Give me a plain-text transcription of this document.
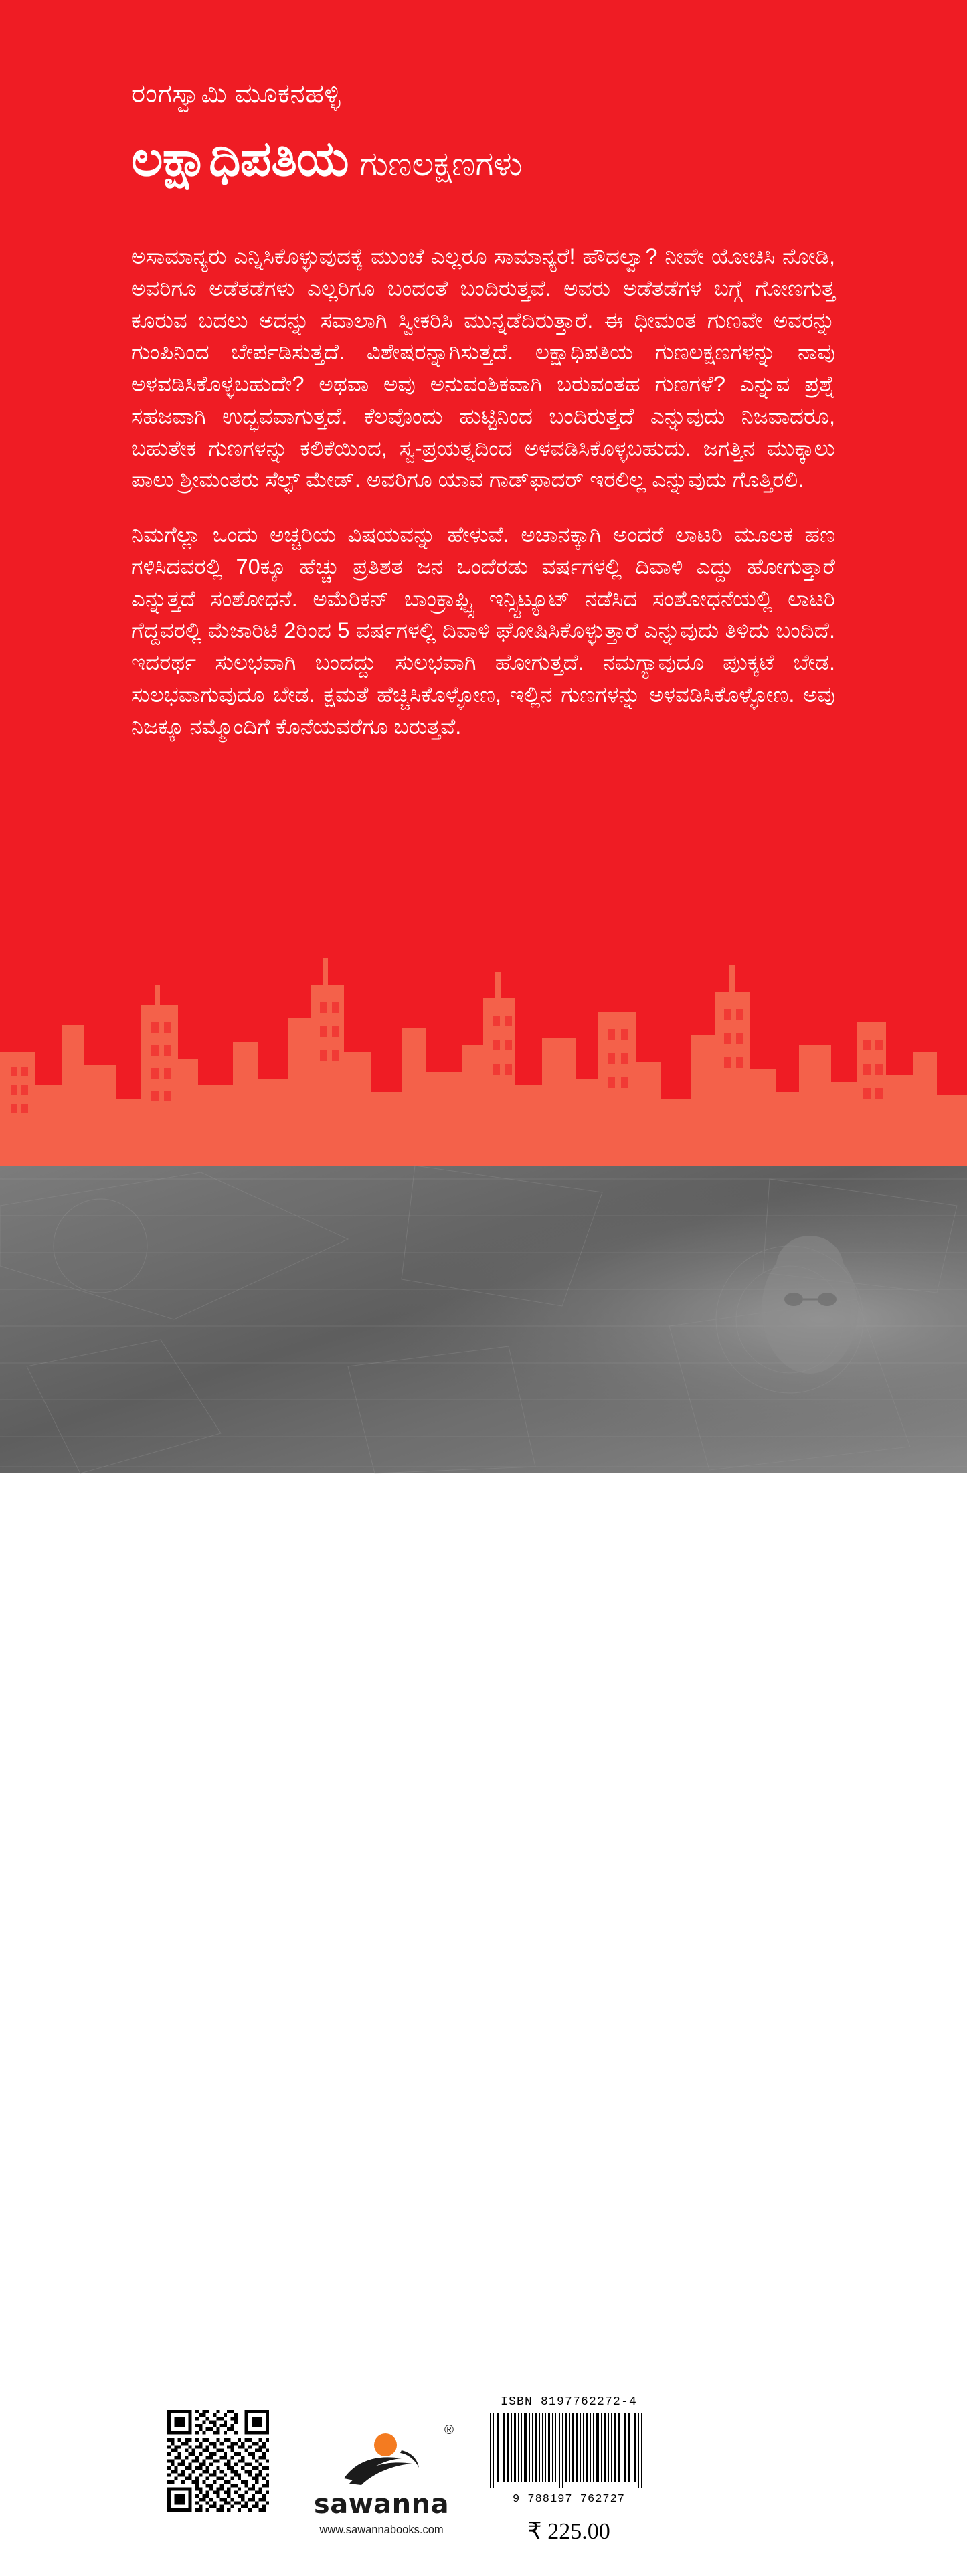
ರಂಗಸ್ವಾಮಿ ಮೂಕನಹಳ್ಳಿ
ಲಕ್ಷಾಧಿಪತಿಯ ಗುಣಲಕ್ಷಣಗಳು

ಅಸಾಮಾನ್ಯರು ಎನ್ನಿಸಿಕೊಳ್ಳುವುದಕ್ಕೆ ಮುಂಚೆ ಎಲ್ಲರೂ ಸಾಮಾನ್ಯರೆ! ಹೌದಲ್ವಾ? ನೀವೇ ಯೋಚಿಸಿ ನೋಡಿ, ಅವರಿಗೂ ಅಡೆತಡೆಗಳು ಎಲ್ಲರಿಗೂ ಬಂದಂತೆ ಬಂದಿರುತ್ತವೆ. ಅವರು ಅಡೆತಡೆಗಳ ಬಗ್ಗೆ ಗೋಣಗುತ್ತ ಕೂರುವ ಬದಲು ಅದನ್ನು ಸವಾಲಾಗಿ ಸ್ವೀಕರಿಸಿ ಮುನ್ನಡೆದಿರುತ್ತಾರೆ. ಈ ಧೀಮಂತ ಗುಣವೇ ಅವರನ್ನು ಗುಂಪಿನಿಂದ ಬೇರ್ಪಡಿಸುತ್ತದೆ. ವಿಶೇಷರನ್ನಾಗಿಸುತ್ತದೆ. ಲಕ್ಷಾಧಿಪತಿಯ ಗುಣಲಕ್ಷಣಗಳನ್ನು ನಾವು ಅಳವಡಿಸಿಕೊಳ್ಳಬಹುದೇ? ಅಥವಾ ಅವು ಅನುವಂಶಿಕವಾಗಿ ಬರುವಂತಹ ಗುಣಗಳೆ? ಎನ್ನುವ ಪ್ರಶ್ನೆ ಸಹಜವಾಗಿ ಉದ್ಭವವಾಗುತ್ತದೆ. ಕೆಲವೊಂದು ಹುಟ್ಟಿನಿಂದ ಬಂದಿರುತ್ತದೆ ಎನ್ನುವುದು ನಿಜವಾದರೂ, ಬಹುತೇಕ ಗುಣಗಳನ್ನು ಕಲಿಕೆಯಿಂದ, ಸ್ವ-ಪ್ರಯತ್ನದಿಂದ ಅಳವಡಿಸಿಕೊಳ್ಳಬಹುದು. ಜಗತ್ತಿನ ಮುಕ್ಕಾಲು ಪಾಲು ಶ್ರೀಮಂತರು ಸೆಲ್ಫ್ ಮೇಡ್. ಅವರಿಗೂ ಯಾವ ಗಾಡ್‌ಫಾದರ್ ಇರಲಿಲ್ಲ ಎನ್ನುವುದು ಗೊತ್ತಿರಲಿ.

ನಿಮಗೆಲ್ಲಾ ಒಂದು ಅಚ್ಚರಿಯ ವಿಷಯವನ್ನು ಹೇಳುವೆ. ಅಚಾನಕ್ಕಾಗಿ ಅಂದರೆ ಲಾಟರಿ ಮೂಲಕ ಹಣ ಗಳಿಸಿದವರಲ್ಲಿ 70ಕ್ಕೂ ಹೆಚ್ಚು ಪ್ರತಿಶತ ಜನ ಒಂದೆರಡು ವರ್ಷಗಳಲ್ಲಿ ದಿವಾಳಿ ಎದ್ದು ಹೋಗುತ್ತಾರೆ ಎನ್ನುತ್ತದೆ ಸಂಶೋಧನೆ. ಅಮೆರಿಕನ್ ಬಾಂಕ್ರಾಫ್ಟ್ಸಿ ಇನ್ಸ್ಟಿಟ್ಯೂಟ್ ನಡೆಸಿದ ಸಂಶೋಧನೆಯಲ್ಲಿ ಲಾಟರಿ ಗೆದ್ದವರಲ್ಲಿ ಮೆಜಾರಿಟಿ 2ರಿಂದ 5 ವರ್ಷಗಳಲ್ಲಿ ದಿವಾಳಿ ಘೋಷಿಸಿಕೊಳ್ಳುತ್ತಾರೆ ಎನ್ನುವುದು ತಿಳಿದು ಬಂದಿದೆ. ಇದರರ್ಥ ಸುಲಭವಾಗಿ ಬಂದದ್ದು ಸುಲಭವಾಗಿ ಹೋಗುತ್ತದೆ. ನಮಗ್ಯಾವುದೂ ಪುುಕ್ಕಟೆ ಬೇಡ. ಸುಲಭವಾಗುವುದೂ ಬೇಡ. ಕ್ಷಮತೆ ಹೆಚ್ಚಿಸಿಕೊಳ್ಳೋಣ, ಇಲ್ಲಿನ ಗುಣಗಳನ್ನು ಅಳವಡಿಸಿಕೊಳ್ಳೋಣ. ಅವು ನಿಜಕ್ಕೂ ನಮ್ಮೊಂದಿಗೆ ಕೊನೆಯವರೆಗೂ ಬರುತ್ತವೆ.

sawanna
www.sawannabooks.com
®
ISBN 8197762272-4
9 788197 762727
₹ 225.00
